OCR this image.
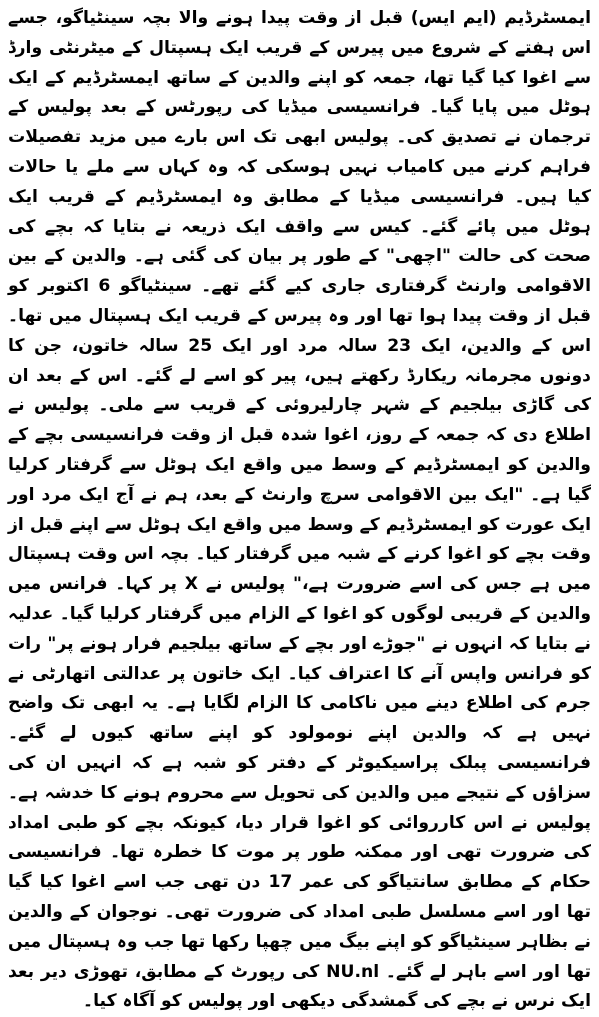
ایمسٹرڈیم (ایم ایس) قبل از وقت پیدا ہونے والا بچہ سینٹیاگو، جسے اس ہفتے کے شروع میں پیرس کے قریب ایک ہسپتال کے میٹرنٹی وارڈ سے اغوا کیا گیا تھا، جمعہ کو اپنے والدین کے ساتھ ایمسٹرڈیم کے ایک ہوٹل میں پایا گیا۔ فرانسیسی میڈیا کی رپورٹس کے بعد پولیس کے ترجمان نے تصدیق کی۔ پولیس ابھی تک اس بارے میں مزید تفصیلات فراہم کرنے میں کامیاب نہیں ہوسکی کہ وہ کہاں سے ملے یا حالات کیا ہیں۔ فرانسیسی میڈیا کے مطابق وہ ایمسٹرڈیم کے قریب ایک ہوٹل میں پائے گئے۔ کیس سے واقف ایک ذریعہ نے بتایا کہ بچے کی صحت کی حالت "اچھی" کے طور پر بیان کی گئی ہے۔ والدین کے بین الاقوامی وارنٹ گرفتاری جاری کیے گئے تھے۔ سینٹیاگو 6 اکتوبر کو قبل از وقت پیدا ہوا تھا اور وہ پیرس کے قریب ایک ہسپتال میں تھا۔ اس کے والدین، ایک 23 سالہ مرد اور ایک 25 سالہ خاتون، جن کا دونوں مجرمانہ ریکارڈ رکھتے ہیں، پیر کو اسے لے گئے۔ اس کے بعد ان کی گاڑی بیلجیم کے شہر چارلیروئی کے قریب سے ملی۔ پولیس نے اطلاع دی کہ جمعہ کے روز، اغوا شدہ قبل از وقت فرانسیسی بچے کے والدین کو ایمسٹرڈیم کے وسط میں واقع ایک ہوٹل سے گرفتار کرلیا گیا ہے۔ "ایک بین الاقوامی سرچ وارنٹ کے بعد، ہم نے آج ایک مرد اور ایک عورت کو ایمسٹرڈیم کے وسط میں واقع ایک ہوٹل سے اپنے قبل از وقت بچے کو اغوا کرنے کے شبہ میں گرفتار کیا۔ بچہ اس وقت ہسپتال میں ہے جس کی اسے ضرورت ہے،" پولیس نے X پر کہا۔ فرانس میں والدین کے قریبی لوگوں کو اغوا کے الزام میں گرفتار کرلیا گیا۔ عدلیہ نے بتایا کہ انہوں نے "جوڑے اور بچے کے ساتھ بیلجیم فرار ہونے پر" رات کو فرانس واپس آنے کا اعتراف کیا۔ ایک خاتون پر عدالتی اتھارٹی نے جرم کی اطلاع دینے میں ناکامی کا الزام لگایا ہے۔ یہ ابھی تک واضح نہیں ہے کہ والدین اپنے نومولود کو اپنے ساتھ کیوں لے گئے۔ فرانسیسی پبلک پراسیکیوٹر کے دفتر کو شبہ ہے کہ انہیں ان کی سزاؤں کے نتیجے میں والدین کی تحویل سے محروم ہونے کا خدشہ ہے۔ پولیس نے اس کارروائی کو اغوا قرار دیا، کیونکہ بچے کو طبی امداد کی ضرورت تھی اور ممکنہ طور پر موت کا خطرہ تھا۔ فرانسیسی حکام کے مطابق سانتیاگو کی عمر 17 دن تھی جب اسے اغوا کیا گیا تھا اور اسے مسلسل طبی امداد کی ضرورت تھی۔ نوجوان کے والدین نے بظاہر سینٹیاگو کو اپنے بیگ میں چھپا رکھا تھا جب وہ ہسپتال میں تھا اور اسے باہر لے گئے۔ NU.nl کی رپورٹ کے مطابق، تھوڑی دیر بعد ایک نرس نے بچے کی گمشدگی دیکھی اور پولیس کو آگاہ کیا۔
